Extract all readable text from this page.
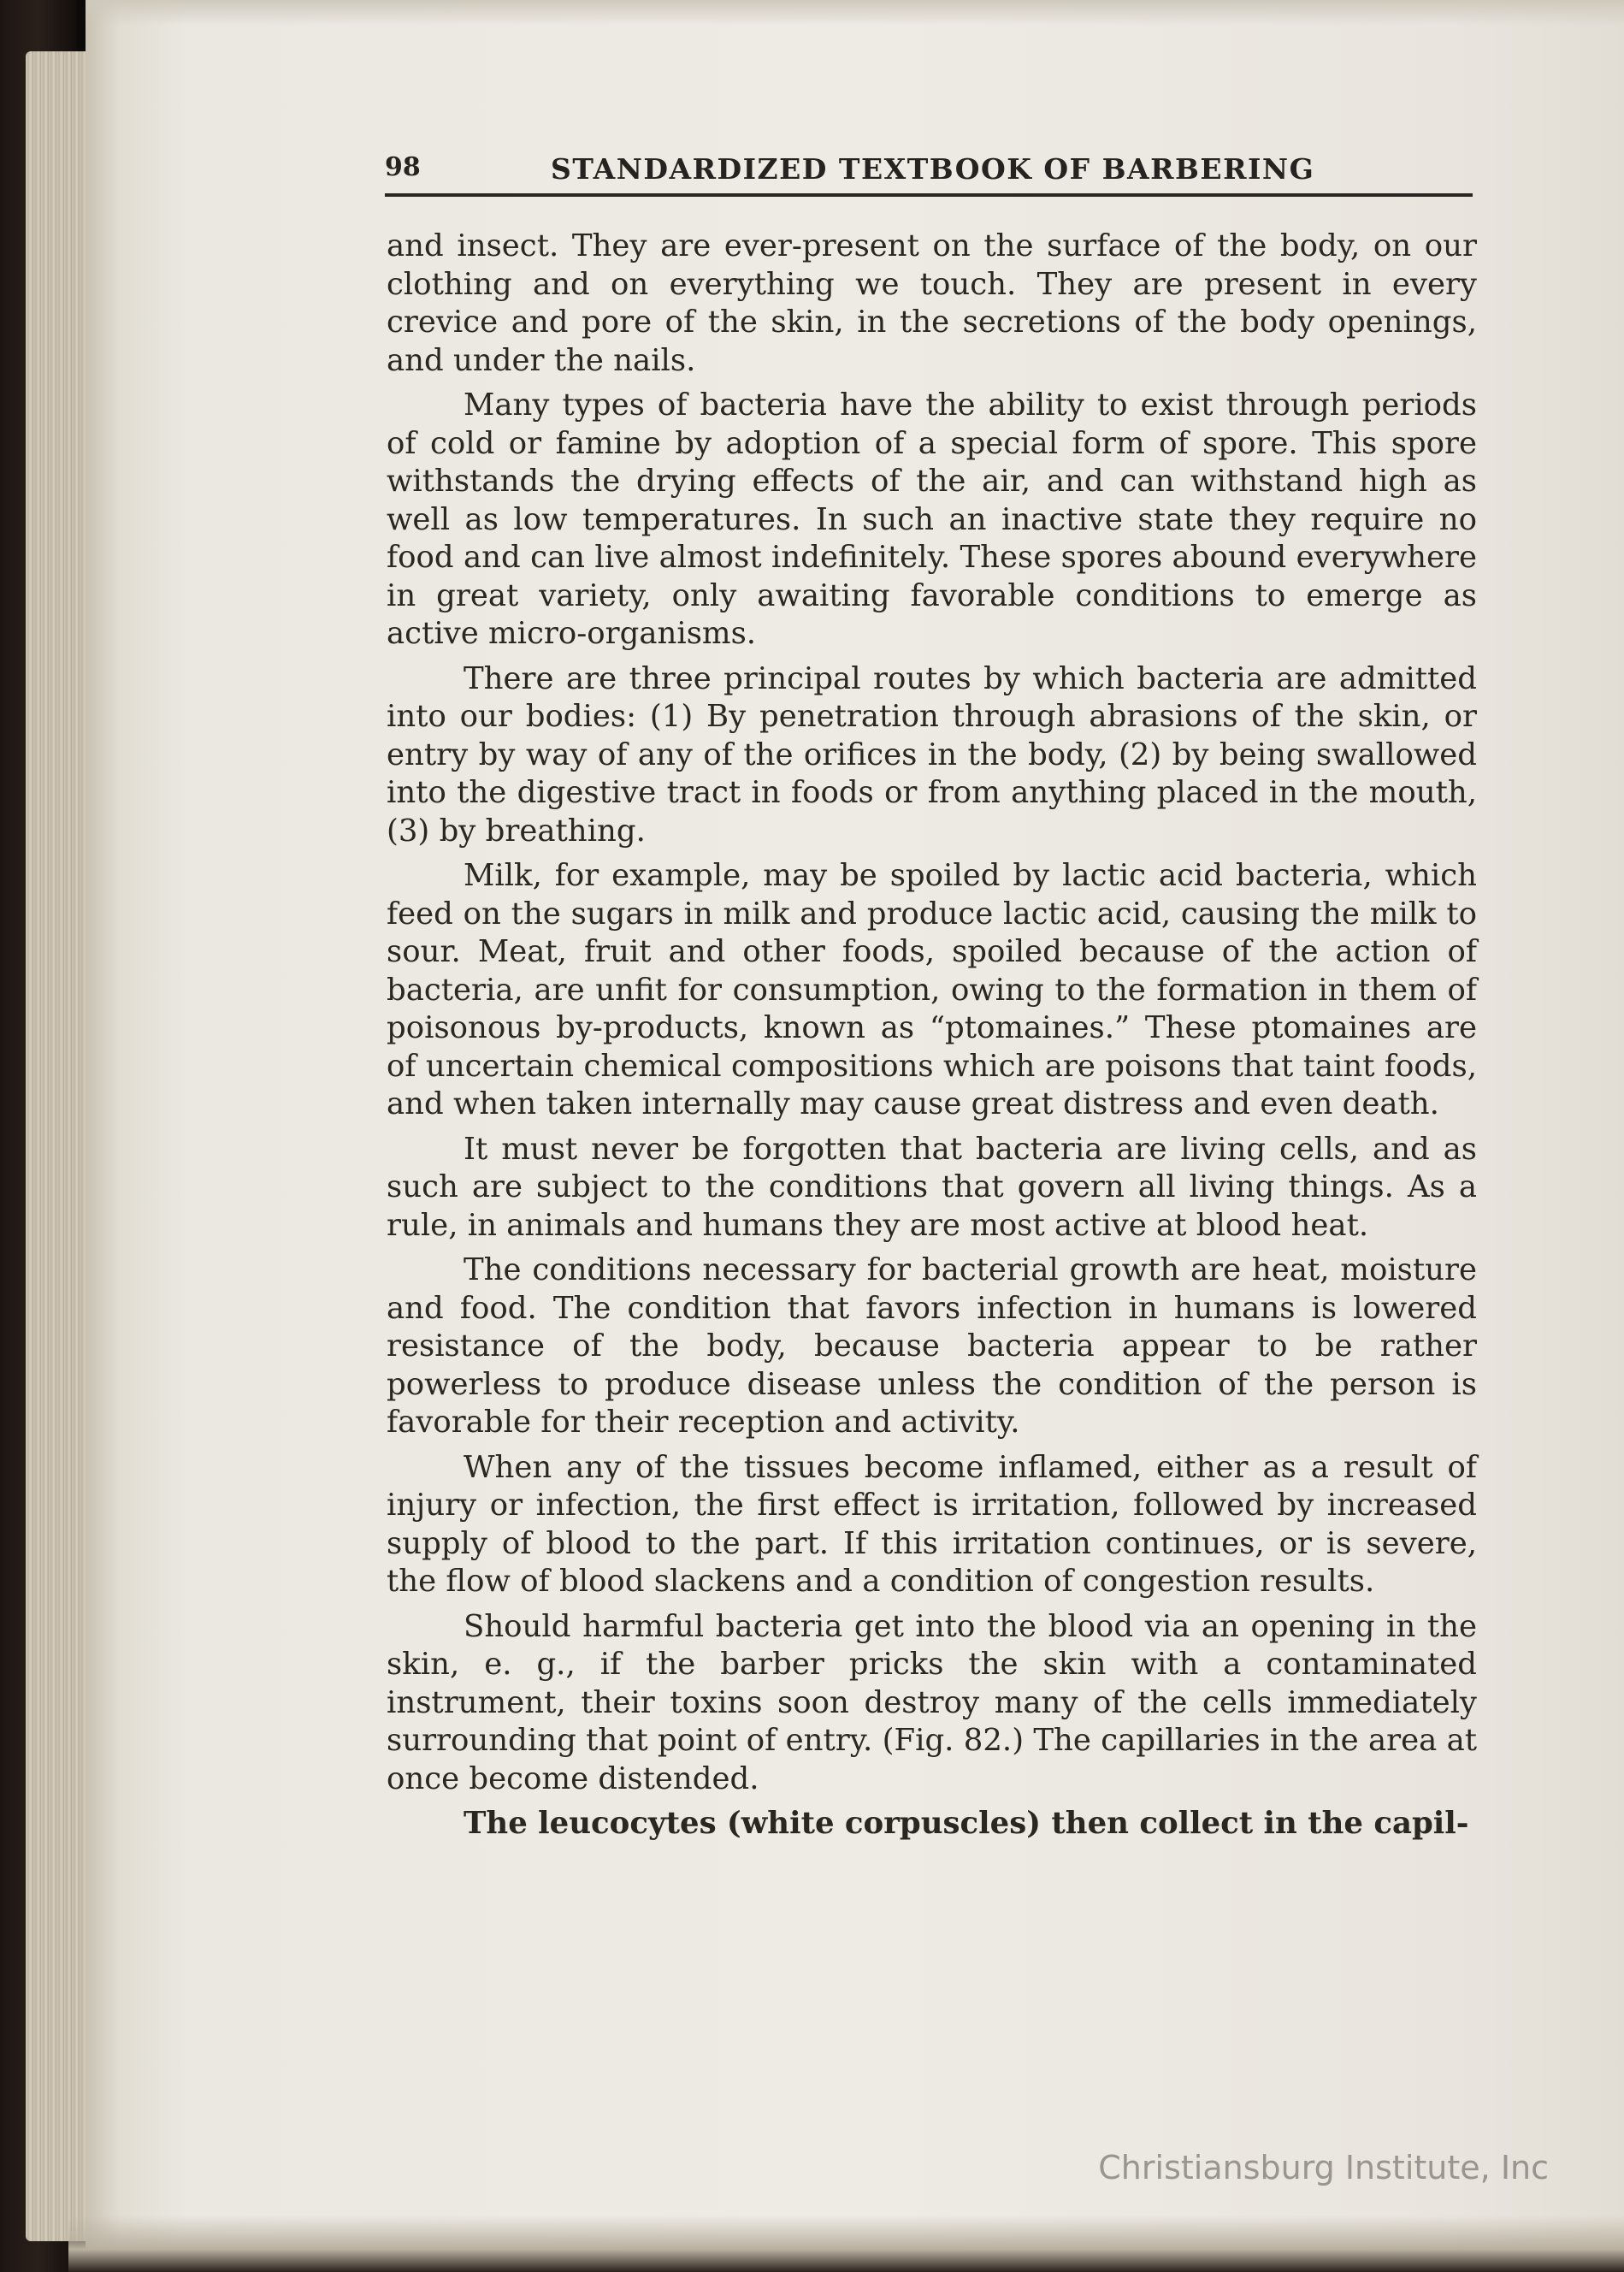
98	STANDARDIZED TEXTBOOK OF BARBERING

and insect. They are ever-present on the surface of the body, on our clothing and on everything we touch. They are present in every crevice and pore of the skin, in the secretions of the body openings, and under the nails.

Many types of bacteria have the ability to exist through periods of cold or famine by adoption of a special form of spore. This spore withstands the drying effects of the air, and can withstand high as well as low temperatures. In such an inactive state they require no food and can live almost indefinitely. These spores abound everywhere in great variety, only awaiting favorable conditions to emerge as active micro-organisms.

There are three principal routes by which bacteria are admitted into our bodies: (1) By penetration through abrasions of the skin, or entry by way of any of the orifices in the body, (2) by being swallowed into the digestive tract in foods or from anything placed in the mouth, (3) by breathing.

Milk, for example, may be spoiled by lactic acid bacteria, which feed on the sugars in milk and produce lactic acid, causing the milk to sour. Meat, fruit and other foods, spoiled because of the action of bacteria, are unfit for consumption, owing to the formation in them of poisonous by-products, known as “ptomaines.” These ptomaines are of uncertain chemical compositions which are poisons that taint foods, and when taken internally may cause great distress and even death.

It must never be forgotten that bacteria are living cells, and as such are subject to the conditions that govern all living things. As a rule, in animals and humans they are most active at blood heat.

The conditions necessary for bacterial growth are heat, moisture and food. The condition that favors infection in humans is lowered resistance of the body, because bacteria appear to be rather powerless to produce disease unless the condition of the person is favorable for their reception and activity.

When any of the tissues become inflamed, either as a result of injury or infection, the first effect is irritation, followed by increased supply of blood to the part. If this irritation continues, or is severe, the flow of blood slackens and a condition of congestion results.

Should harmful bacteria get into the blood via an opening in the skin, e. g., if the barber pricks the skin with a contaminated instrument, their toxins soon destroy many of the cells immediately surrounding that point of entry. (Fig. 82.) The capillaries in the area at once become distended.

The leucocytes (white corpuscles) then collect in the capil-

Christiansburg Institute, Inc
